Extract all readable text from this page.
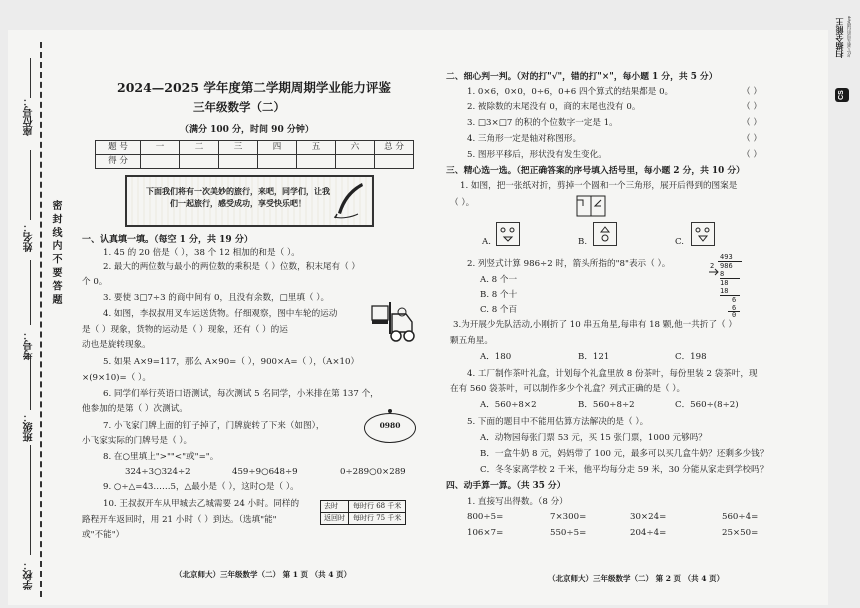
座位号：
姓名：
考号：
班级：
学校：
密 封 线 内 不 要 答 题
2024—2025 学年度第二学期周期学业能力评鉴
三年级数学（二）
（满分 100 分，时间 90 分钟）
题 号	一	二	三	四	五	六	总 分
得 分							
下面我们将有一次美妙的旅行，来吧，同学们，让我们一起旅行，感受成功，享受快乐吧！
一、认真填一填。（每空 1 分，共 19 分）
1. 45 的 20 倍是（ ），38 个 12 相加的和是（ ）。
2. 最大的两位数与最小的两位数的乘积是（ ）位数，积末尾有（ ）
个 0。
3. 要使 3□7÷3 的商中间有 0，且没有余数，□里填（ ）。
4. 如图，李叔叔用叉车运送货物。仔细观察，图中车轮的运动
是（ ）现象，货物的运动是（ ）现象，还有（ ）的运
动也是旋转现象。
5. 如果 A×9=117，那么 A×90=（ ），900×A=（ ），（A×10）
×(9×10)=（ ）。
6. 同学们举行英语口语测试，每次测试 5 名同学，小米排在第 137 个，
他参加的是第（ ）次测试。
7. 小飞家门牌上面的钉子掉了，门牌旋转了下来（如图），
小飞家实际的门牌号是（ ）。
0980
8. 在○里填上">""<"或"="。
324÷3○324÷2	459÷9○648÷9	0÷289○0×289
9. ○÷△=43……5，△最小是（ ），这时○是（ ）。
10. 王叔叔开车从甲城去乙城需要 24 小时。同样的
路程开车返回时，用 21 小时（ ）到达。（选填"能"
或"不能"）
去时	每时行 68 千米
返回时	每时行 75 千米
（北京师大）三年级数学（二） 第 1 页 （共 4 页）
二、细心判一判。（对的打"√"，错的打"×"，每小题 1 分，共 5 分）
1. 0×6，0×0，0÷6，0+6 四个算式的结果都是 0。
2. 被除数的末尾没有 0，商的末尾也没有 0。
3. □3×□7 的积的个位数字一定是 1。
4. 三角形一定是轴对称图形。
5. 图形平移后，形状没有发生变化。
（ ）
（ ）
（ ）
（ ）
（ ）
三、精心选一选。（把正确答案的序号填入括号里，每小题 2 分，共 10 分）
1. 如图，把一张纸对折，剪掉一个圆和一个三角形，展开后得到的图案是
（ ）。
A.	B.	C.
2. 列竖式计算 986÷2 时，箭头所指的"8"表示（ ）。
A. 8 个一
B. 8 个十
C. 8 个百
493
2 986
8
18
18
6
6
0
3.为开展少先队活动,小刚折了 10 串五角星,每串有 18 颗,他一共折了（ ）
颗五角星。
A．180	B．121	C．198
4. 工厂制作茶叶礼盒，计划每个礼盒里放 8 份茶叶，每份里装 2 袋茶叶，现
在有 560 袋茶叶，可以制作多少个礼盒？列式正确的是（ ）。
A．560÷8×2	B．560÷8÷2	C．560÷(8÷2)
5. 下面的题目中不能用估算方法解决的是（ ）。
A．动物园每张门票 53 元，买 15 张门票，1000 元够吗？
B．一盒牛奶 8 元，妈妈带了 100 元，最多可以买几盒牛奶？还剩多少钱？
C．冬冬家离学校 2 千米，他平均每分走 59 米，30 分能从家走到学校吗？
四、动手算一算。（共 35 分）
1. 直接写出得数。（8 分）
800÷5=	7×300=	30×24=	560÷4=
106×7=	550÷5=	204÷4=	25×50=
（北京师大）三年级数学（二） 第 2 页 （共 4 页）
CS
扫描全能王 3亿人都在用的扫描App
